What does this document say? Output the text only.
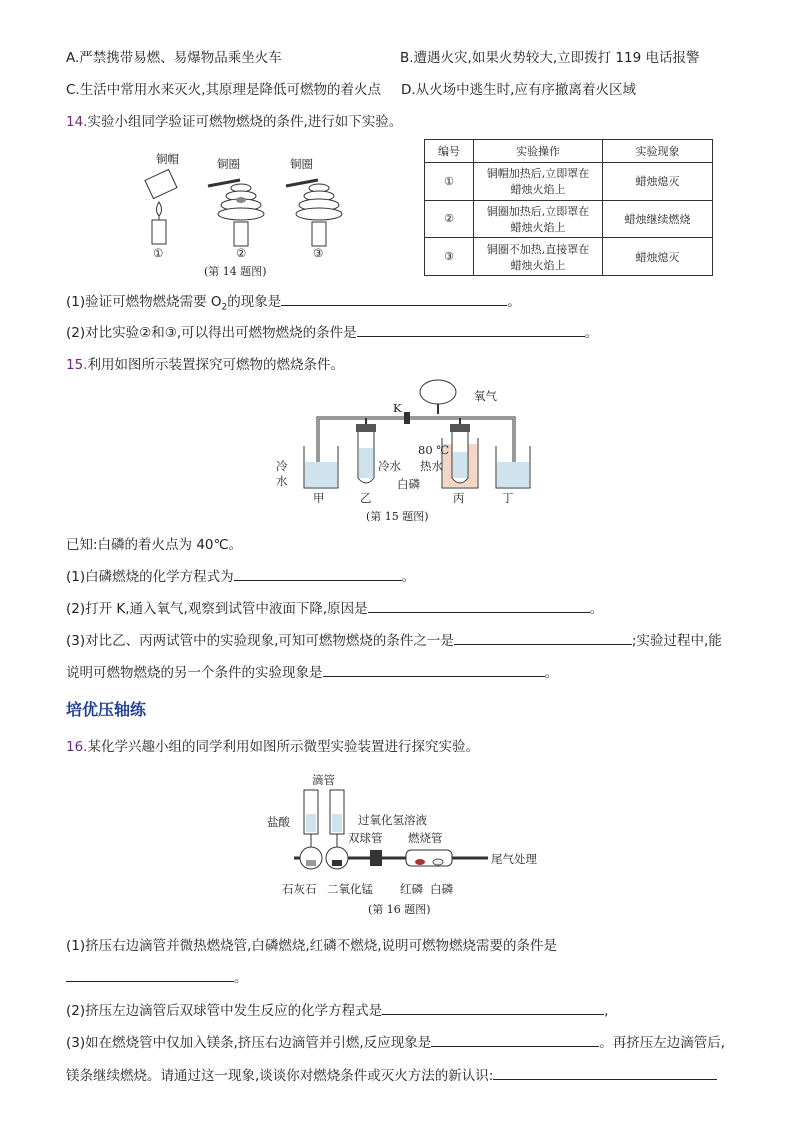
A.严禁携带易燃、易爆物品乘坐火车	B.遭遇火灾,如果火势较大,立即拨打 119 电话报警
C.生活中常用水来灭火,其原理是降低可燃物的着火点 D.从火场中逃生时,应有序撤离着火区域
14.实验小组同学验证可燃物燃烧的条件,进行如下实验。
铜帽	铜圈	铜圈
①	②	③
(第 14 题图)
编号	实验操作	实验现象
①	铜帽加热后,立即罩在
蜡烛火焰上	蜡烛熄灭
②	铜圈加热后,立即罩在
蜡烛火焰上	蜡烛继续燃烧
③	铜圈不加热,直接罩在
蜡烛火焰上	蜡烛熄灭
(1)验证可燃物燃烧需要 $O_2$的现象是	。
(2)对比实验②和③,可以得出可燃物燃烧的条件是	。
15.利用如图所示装置探究可燃物的燃烧条件。
氧气
K
80 ℃
热水
冷
水
冷水
白磷
甲	乙	丙	丁
(第 15 题图)
已知:白磷的着火点为 40℃。
(1)白磷燃烧的化学方程式为	。
(2)打开 K,通入氧气,观察到试管中液面下降,原因是	。
(3)对比乙、丙两试管中的实验现象,可知可燃物燃烧的条件之一是	;实验过程中,能
说明可燃物燃烧的另一个条件的实验现象是	。
培优压轴练
16.某化学兴趣小组的同学利用如图所示微型实验装置进行探究实验。
滴管
盐酸	过氧化氢溶液
双球管 燃烧管
尾气处理
石灰石 二氧化锰 红磷 白磷
(第 16 题图)
(1)挤压右边滴管并微热燃烧管,白磷燃烧,红磷不燃烧,说明可燃物燃烧需要的条件是
。
(2)挤压左边滴管后双球管中发生反应的化学方程式是	,
(3)如在燃烧管中仅加入镁条,挤压右边滴管并引燃,反应现象是	。再挤压左边滴管后,
镁条继续燃烧。请通过这一现象,谈谈你对燃烧条件或灭火方法的新认识:
